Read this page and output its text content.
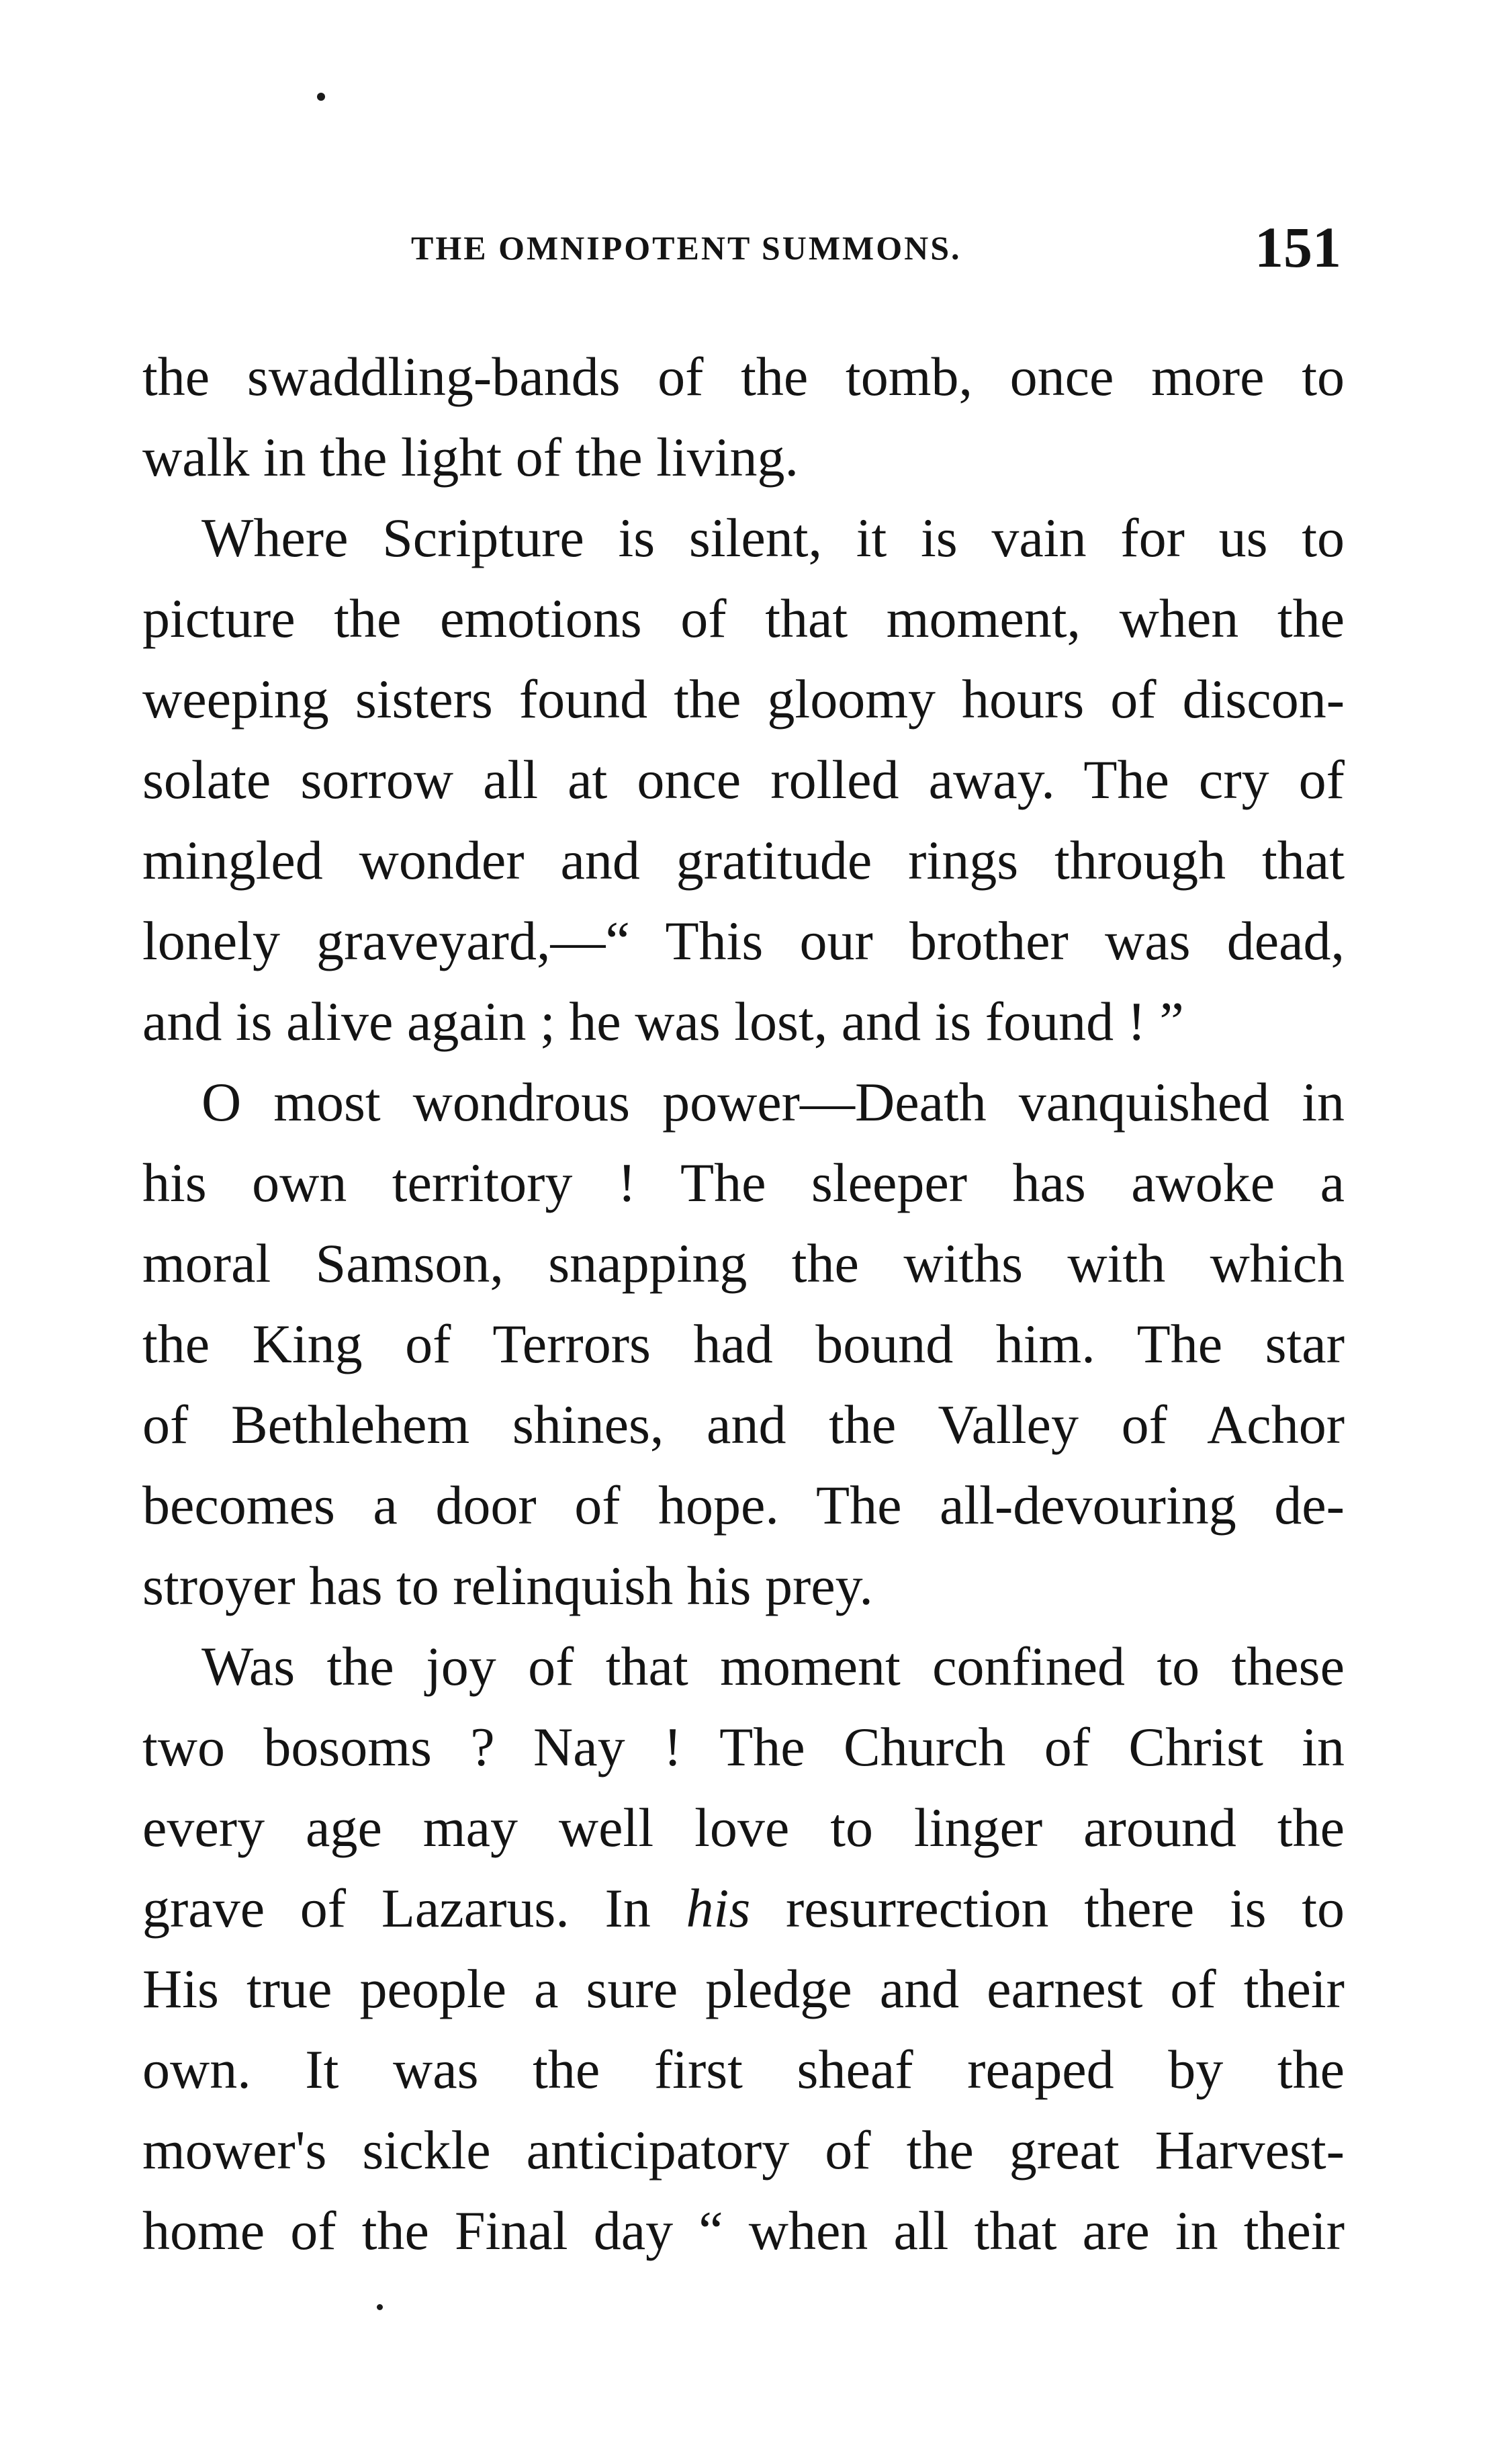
THE OMNIPOTENT SUMMONS.	151
the swaddling-bands of the tomb, once more to
walk in the light of the living.
Where Scripture is silent, it is vain for us to
picture the emotions of that moment, when the
weeping sisters found the gloomy hours of discon-
solate sorrow all at once rolled away. The cry of
mingled wonder and gratitude rings through that
lonely graveyard,—“ This our brother was dead,
and is alive again ; he was lost, and is found ! ”
O most wondrous power—Death vanquished in
his own territory ! The sleeper has awoke a
moral Samson, snapping the withs with which
the King of Terrors had bound him. The star
of Bethlehem shines, and the Valley of Achor
becomes a door of hope. The all-devouring de-
stroyer has to relinquish his prey.
Was the joy of that moment confined to these
two bosoms ? Nay ! The Church of Christ in
every age may well love to linger around the
grave of Lazarus. In his resurrection there is to
His true people a sure pledge and earnest of their
own. It was the first sheaf reaped by the
mower's sickle anticipatory of the great Harvest-
home of the Final day “ when all that are in their
